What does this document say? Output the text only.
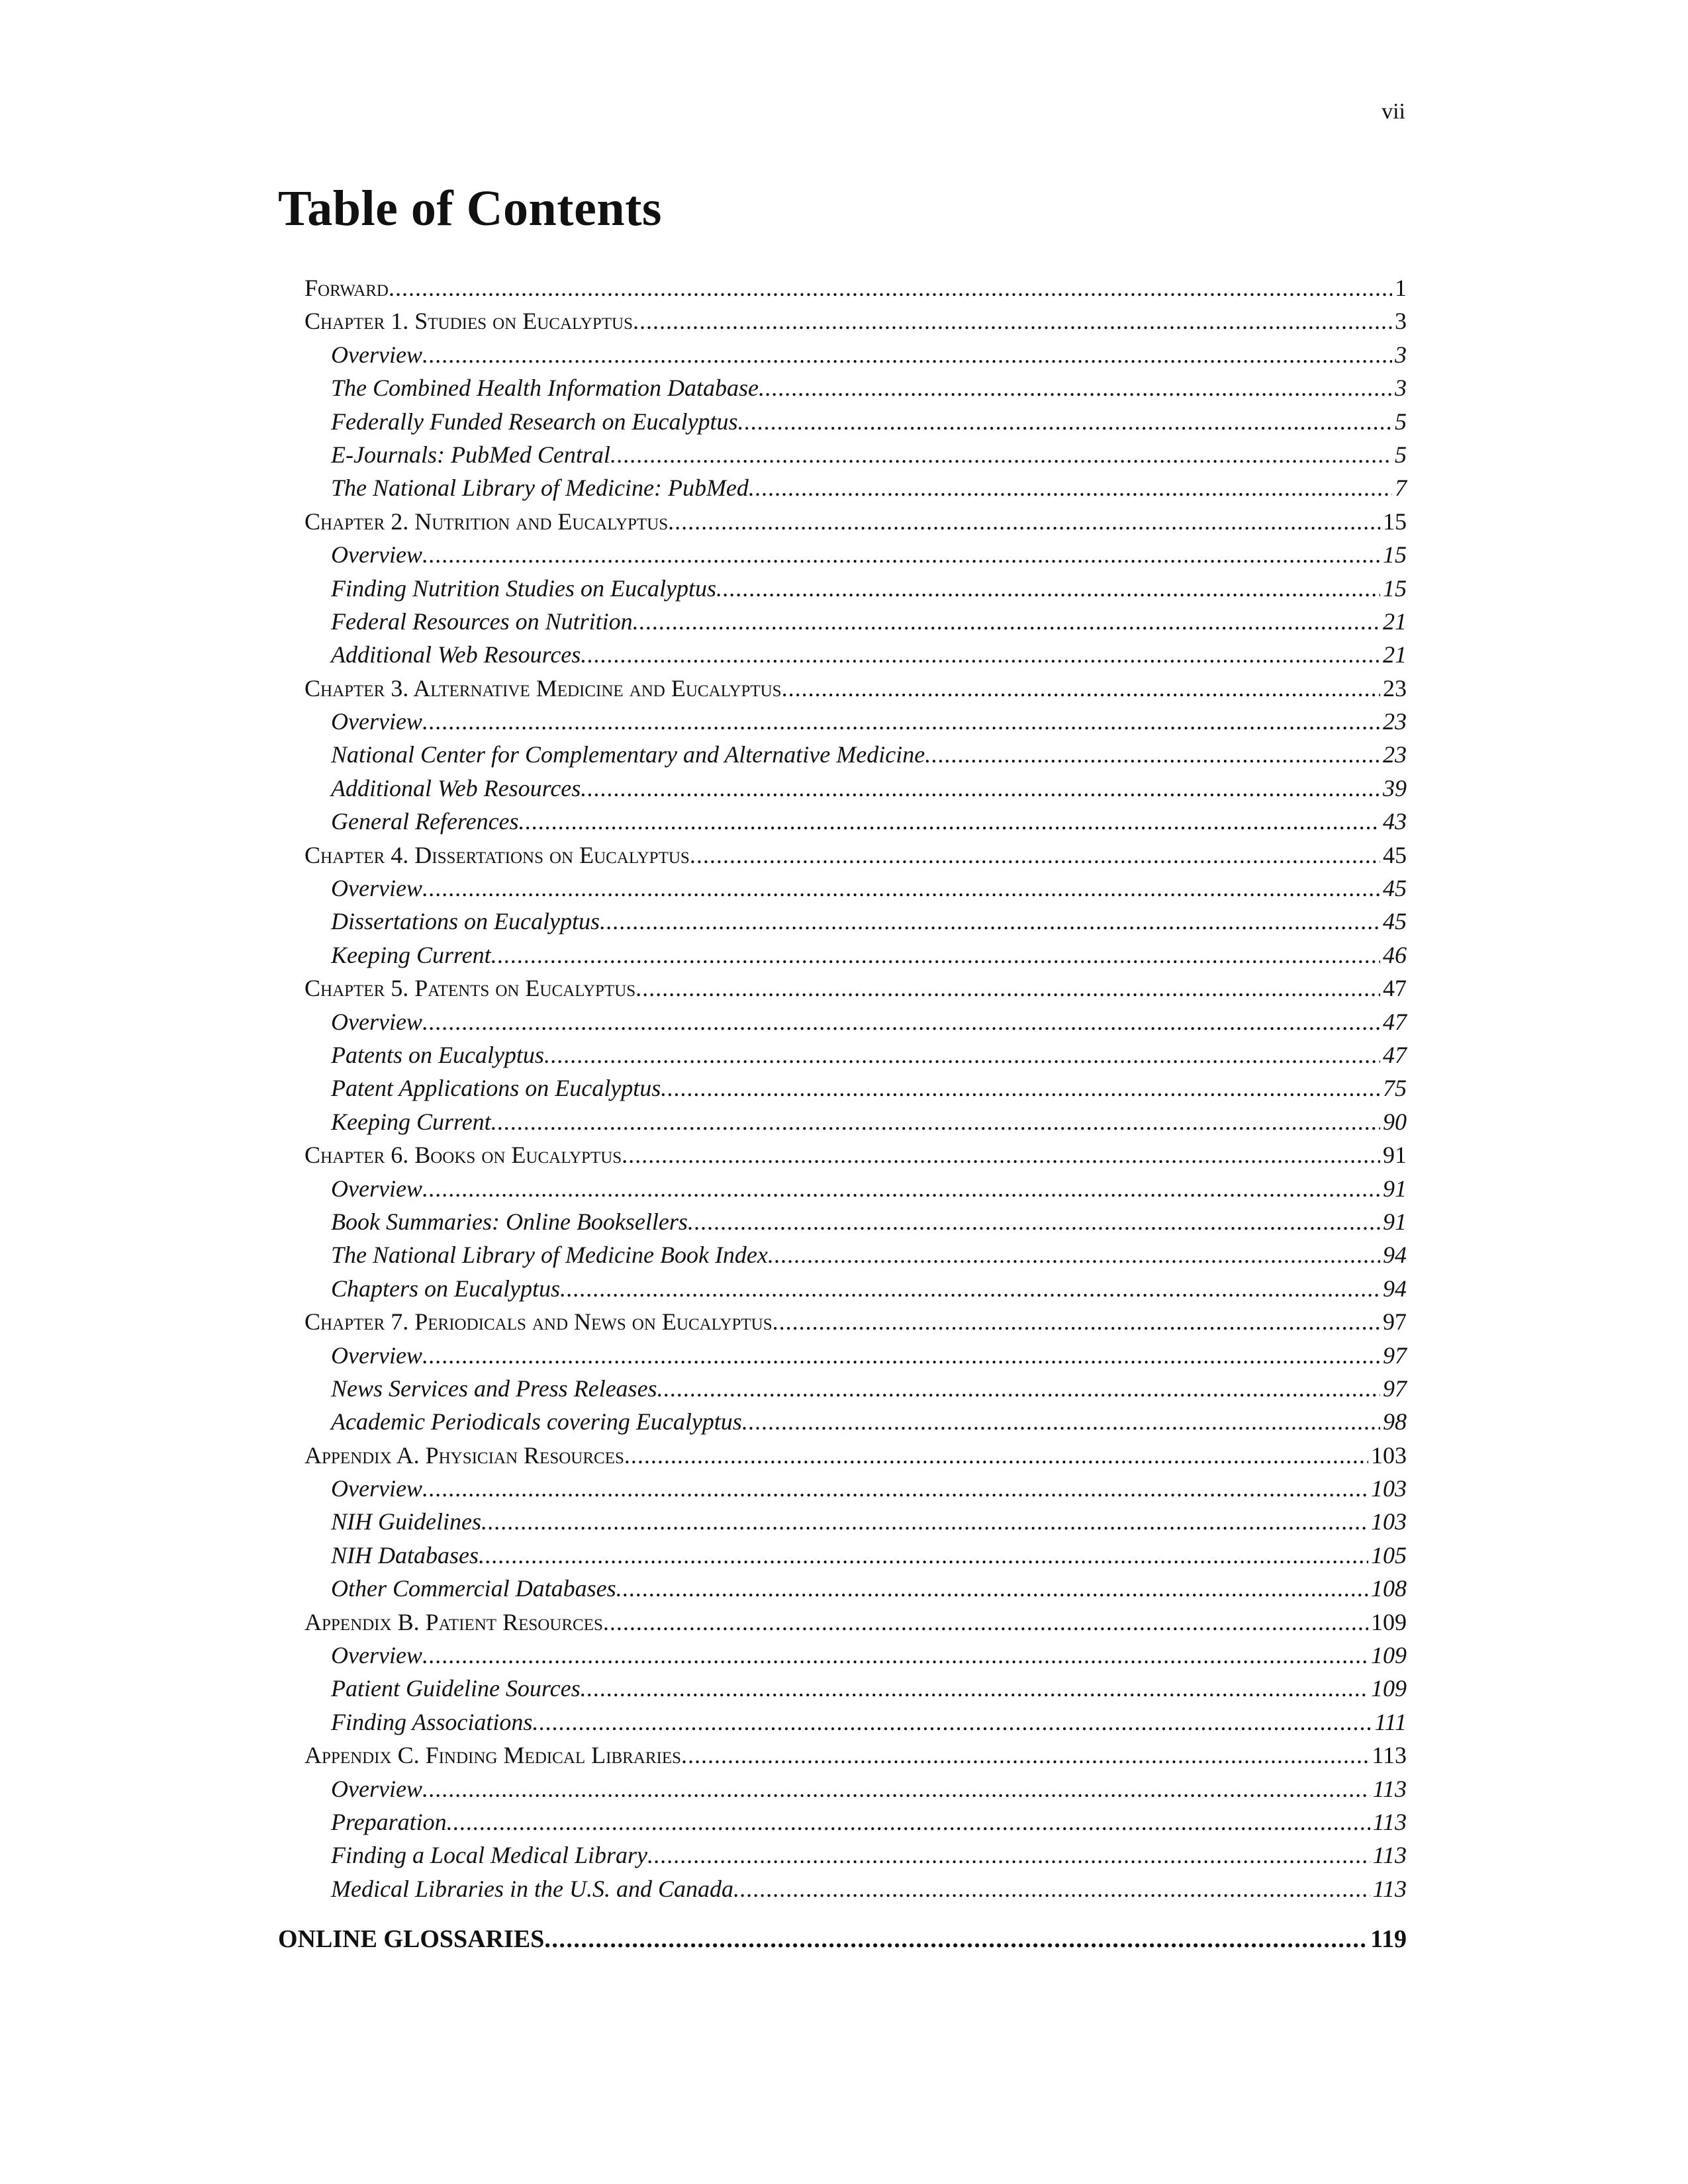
vii
Table of Contents
Forward . . .	1
Chapter 1. Studies on Eucalyptus . . .	3
Overview . . .	3
The Combined Health Information Database . . .	3
Federally Funded Research on Eucalyptus . . .	5
E-Journals: PubMed Central . . .	5
The National Library of Medicine: PubMed . . .	7
Chapter 2. Nutrition and Eucalyptus . . .	15
Overview . . .	15
Finding Nutrition Studies on Eucalyptus . . .	15
Federal Resources on Nutrition . . .	21
Additional Web Resources . . .	21
Chapter 3. Alternative Medicine and Eucalyptus . . .	23
Overview . . .	23
National Center for Complementary and Alternative Medicine . . .	23
Additional Web Resources . . .	39
General References . . .	43
Chapter 4. Dissertations on Eucalyptus . . .	45
Overview . . .	45
Dissertations on Eucalyptus . . .	45
Keeping Current . . .	46
Chapter 5. Patents on Eucalyptus . . .	47
Overview . . .	47
Patents on Eucalyptus . . .	47
Patent Applications on Eucalyptus . . .	75
Keeping Current . . .	90
Chapter 6. Books on Eucalyptus . . .	91
Overview . . .	91
Book Summaries: Online Booksellers . . .	91
The National Library of Medicine Book Index . . .	94
Chapters on Eucalyptus . . .	94
Chapter 7. Periodicals and News on Eucalyptus . . .	97
Overview . . .	97
News Services and Press Releases . . .	97
Academic Periodicals covering Eucalyptus . . .	98
Appendix A. Physician Resources . . .	103
Overview . . .	103
NIH Guidelines . . .	103
NIH Databases . . .	105
Other Commercial Databases . . .	108
Appendix B. Patient Resources . . .	109
Overview . . .	109
Patient Guideline Sources . . .	109
Finding Associations . . .	111
Appendix C. Finding Medical Libraries . . .	113
Overview . . .	113
Preparation . . .	113
Finding a Local Medical Library . . .	113
Medical Libraries in the U.S. and Canada . . .	113
ONLINE GLOSSARIES . . .	119
